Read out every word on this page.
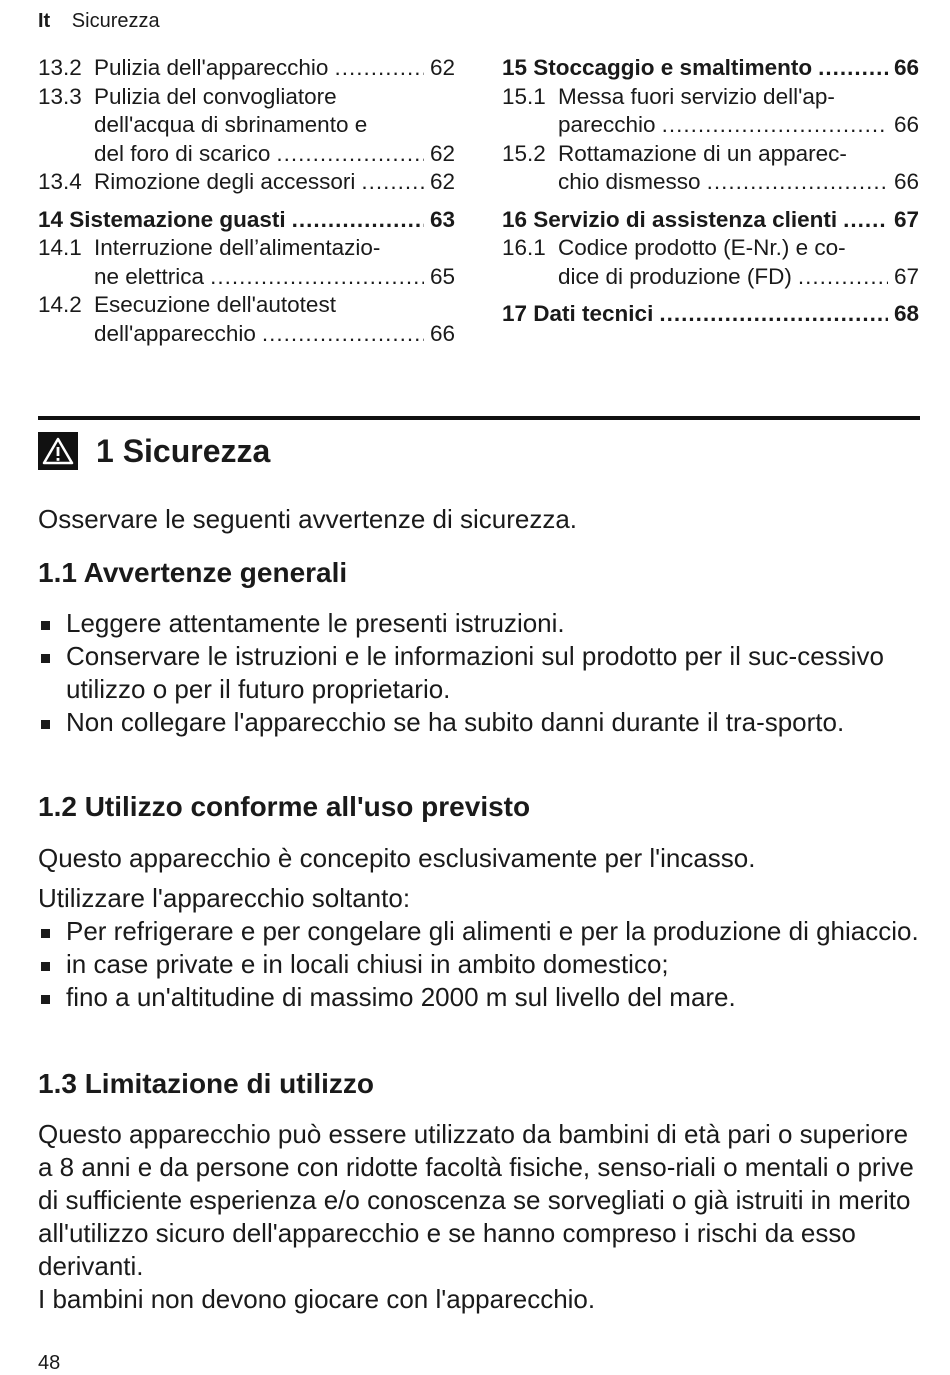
It Sicurezza
13.2 Pulizia dell'apparecchio .....	62
13.3 Pulizia del convogliatore
dell'acqua di sbrinamento e
del foro di scarico .....	62
13.4 Rimozione degli accessori .....	62
14 Sistemazione guasti .....	63
14.1 Interruzione dell’alimentazio-
ne elettrica .....	65
14.2 Esecuzione dell'autotest
dell'apparecchio .....	66
15 Stoccaggio e smaltimento .....	66
15.1 Messa fuori servizio dell'ap-
parecchio .....	66
15.2 Rottamazione di un apparec-
chio dismesso .....	66
16 Servizio di assistenza clienti .....	67
16.1 Codice prodotto (E-Nr.) e co-
dice di produzione (FD) .....	67
17 Dati tecnici .....	68
1 Sicurezza
Osservare le seguenti avvertenze di sicurezza.
1.1 Avvertenze generali
Leggere attentamente le presenti istruzioni.
Conservare le istruzioni e le informazioni sul prodotto per il suc-cessivo utilizzo o per il futuro proprietario.
Non collegare l'apparecchio se ha subito danni durante il tra-sporto.
1.2 Utilizzo conforme all'uso previsto

Questo apparecchio è concepito esclusivamente per l'incasso.

Utilizzare l'apparecchio soltanto:

Per refrigerare e per congelare gli alimenti e per la produzione di ghiaccio.
in case private e in locali chiusi in ambito domestico;
fino a un'altitudine di massimo 2000 m sul livello del mare.
1.3 Limitazione di utilizzo

Questo apparecchio può essere utilizzato da bambini di età pari o superiore a 8 anni e da persone con ridotte facoltà fisiche, senso-riali o mentali o prive di sufficiente esperienza e/o conoscenza se sorvegliati o già istruiti in merito all'utilizzo sicuro dell'apparecchio e se hanno compreso i rischi da esso derivanti.
I bambini non devono giocare con l'apparecchio.

48
